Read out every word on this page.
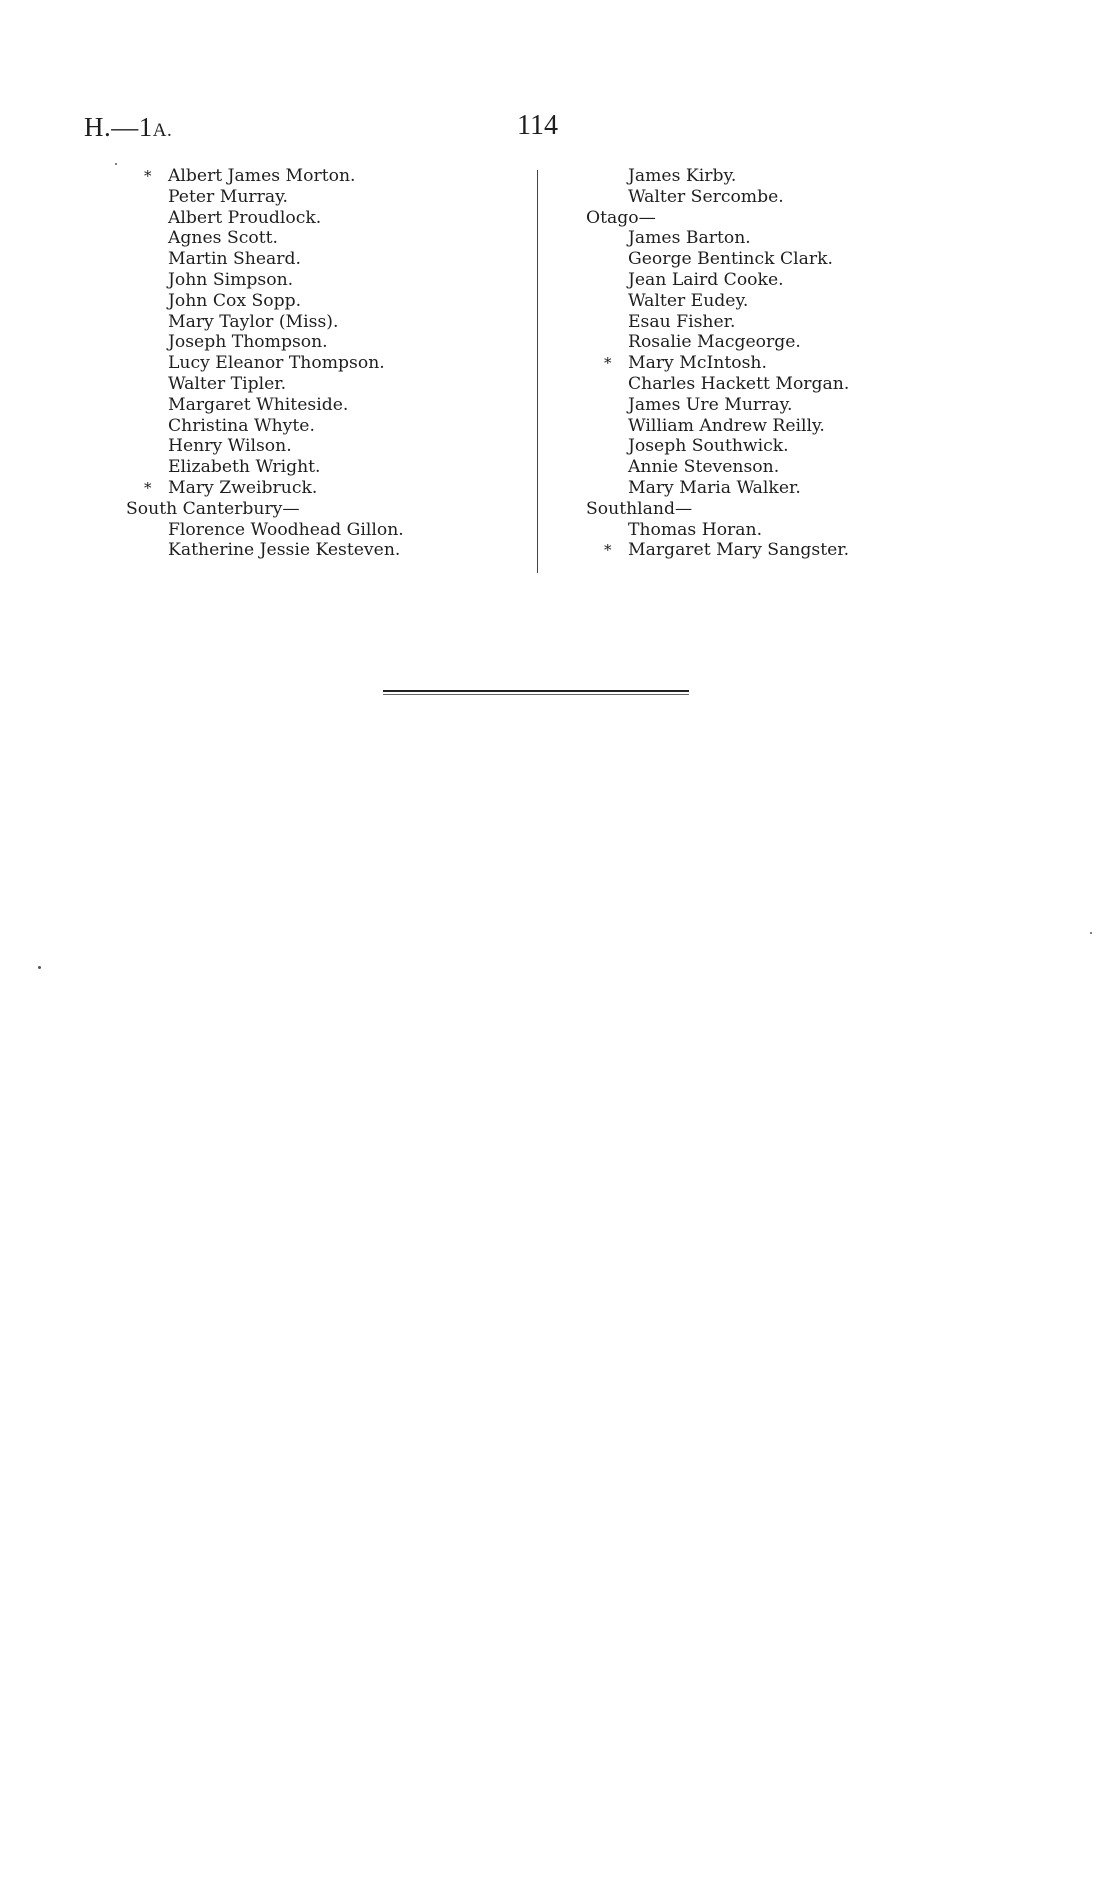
H.—1A.	114
* Albert James Morton.
Peter Murray.
Albert Proudlock.
Agnes Scott.
Martin Sheard.
John Simpson.
John Cox Sopp.
Mary Taylor (Miss).
Joseph Thompson.
Lucy Eleanor Thompson.
Walter Tipler.
Margaret Whiteside.
Christina Whyte.
Henry Wilson.
Elizabeth Wright.
* Mary Zweibruck.
South Canterbury—
Florence Woodhead Gillon.
Katherine Jessie Kesteven.
James Kirby.
Walter Sercombe.
Otago—
James Barton.
George Bentinck Clark.
Jean Laird Cooke.
Walter Eudey.
Esau Fisher.
Rosalie Macgeorge.
* Mary McIntosh.
Charles Hackett Morgan.
James Ure Murray.
William Andrew Reilly.
Joseph Southwick.
Annie Stevenson.
Mary Maria Walker.
Southland—
Thomas Horan.
* Margaret Mary Sangster.
